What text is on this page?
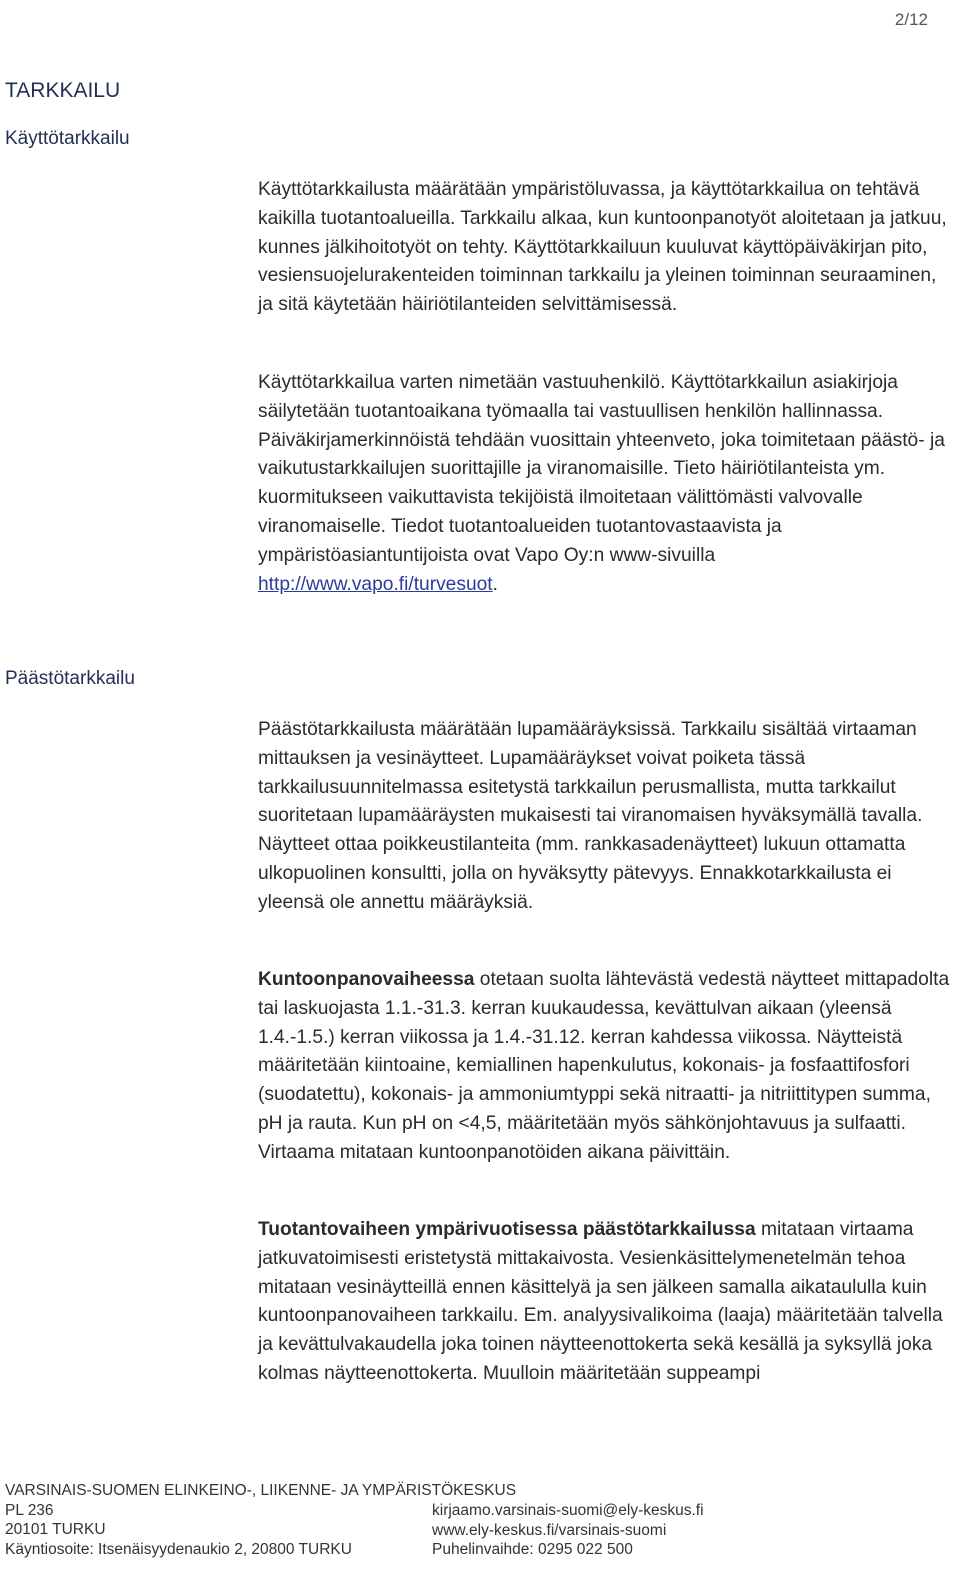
2/12
TARKKAILU
Käyttötarkkailu

Käyttötarkkailusta määrätään ympäristöluvassa, ja käyttötarkkailua on tehtävä kaikilla tuotantoalueilla. Tarkkailu alkaa, kun kuntoonpanotyöt aloitetaan ja jatkuu, kunnes jälkihoitotyöt on tehty. Käyttötarkkailuun kuuluvat käyttöpäiväkirjan pito, vesiensuojelurakenteiden toiminnan tarkkailu ja yleinen toiminnan seuraaminen, ja sitä käytetään häiriötilanteiden selvittämisessä.

Käyttötarkkailua varten nimetään vastuuhenkilö. Käyttötarkkailun asiakirjoja säilytetään tuotantoaikana työmaalla tai vastuullisen henkilön hallinnassa. Päiväkirjamerkinnöistä tehdään vuosittain yhteenveto, joka toimitetaan päästö- ja vaikutustarkkailujen suorittajille ja viranomaisille. Tieto häiriötilanteista ym. kuormitukseen vaikuttavista tekijöistä ilmoitetaan välittömästi valvovalle viranomaiselle. Tiedot tuotantoalueiden tuotantovastaavista ja ympäristöasiantuntijoista ovat Vapo Oy:n www-sivuilla http://www.vapo.fi/turvesuot.

Päästötarkkailu

Päästötarkkailusta määrätään lupamääräyksissä. Tarkkailu sisältää virtaaman mittauksen ja vesinäytteet. Lupamääräykset voivat poiketa tässä tarkkailusuunnitelmassa esitetystä tarkkailun perusmallista, mutta tarkkailut suoritetaan lupamääräysten mukaisesti tai viranomaisen hyväksymällä tavalla. Näytteet ottaa poikkeustilanteita (mm. rankkasadenäytteet) lukuun ottamatta ulkopuolinen konsultti, jolla on hyväksytty pätevyys. Ennakkotarkkailusta ei yleensä ole annettu määräyksiä.

Kuntoonpanovaiheessa otetaan suolta lähtevästä vedestä näytteet mittapadolta tai laskuojasta 1.1.-31.3. kerran kuukaudessa, kevättulvan aikaan (yleensä 1.4.-1.5.) kerran viikossa ja 1.4.-31.12. kerran kahdessa viikossa. Näytteistä määritetään kiintoaine, kemiallinen hapenkulutus, kokonais- ja fosfaattifosfori (suodatettu), kokonais- ja ammoniumtyppi sekä nitraatti- ja nitriittitypen summa, pH ja rauta. Kun pH on <4,5, määritetään myös sähkönjohtavuus ja sulfaatti. Virtaama mitataan kuntoonpanotöiden aikana päivittäin.

Tuotantovaiheen ympärivuotisessa päästötarkkailussa mitataan virtaama jatkuvatoimisesti eristetystä mittakaivosta. Vesienkäsittelymenetelmän tehoa mitataan vesinäytteillä ennen käsittelyä ja sen jälkeen samalla aikataululla kuin kuntoonpanovaiheen tarkkailu. Em. analyysivalikoima (laaja) määritetään talvella ja kevättulvakaudella joka toinen näytteenottokerta sekä kesällä ja syksyllä joka kolmas näytteenottokerta. Muulloin määritetään suppeampi

VARSINAIS-SUOMEN ELINKEINO-, LIIKENNE- JA YMPÄRISTÖKESKUS
PL 236
20101 TURKU
Käyntiosoite: Itsenäisyydenaukio 2, 20800 TURKU
kirjaamo.varsinais-suomi@ely-keskus.fi
www.ely-keskus.fi/varsinais-suomi
Puhelinvaihde: 0295 022 500
